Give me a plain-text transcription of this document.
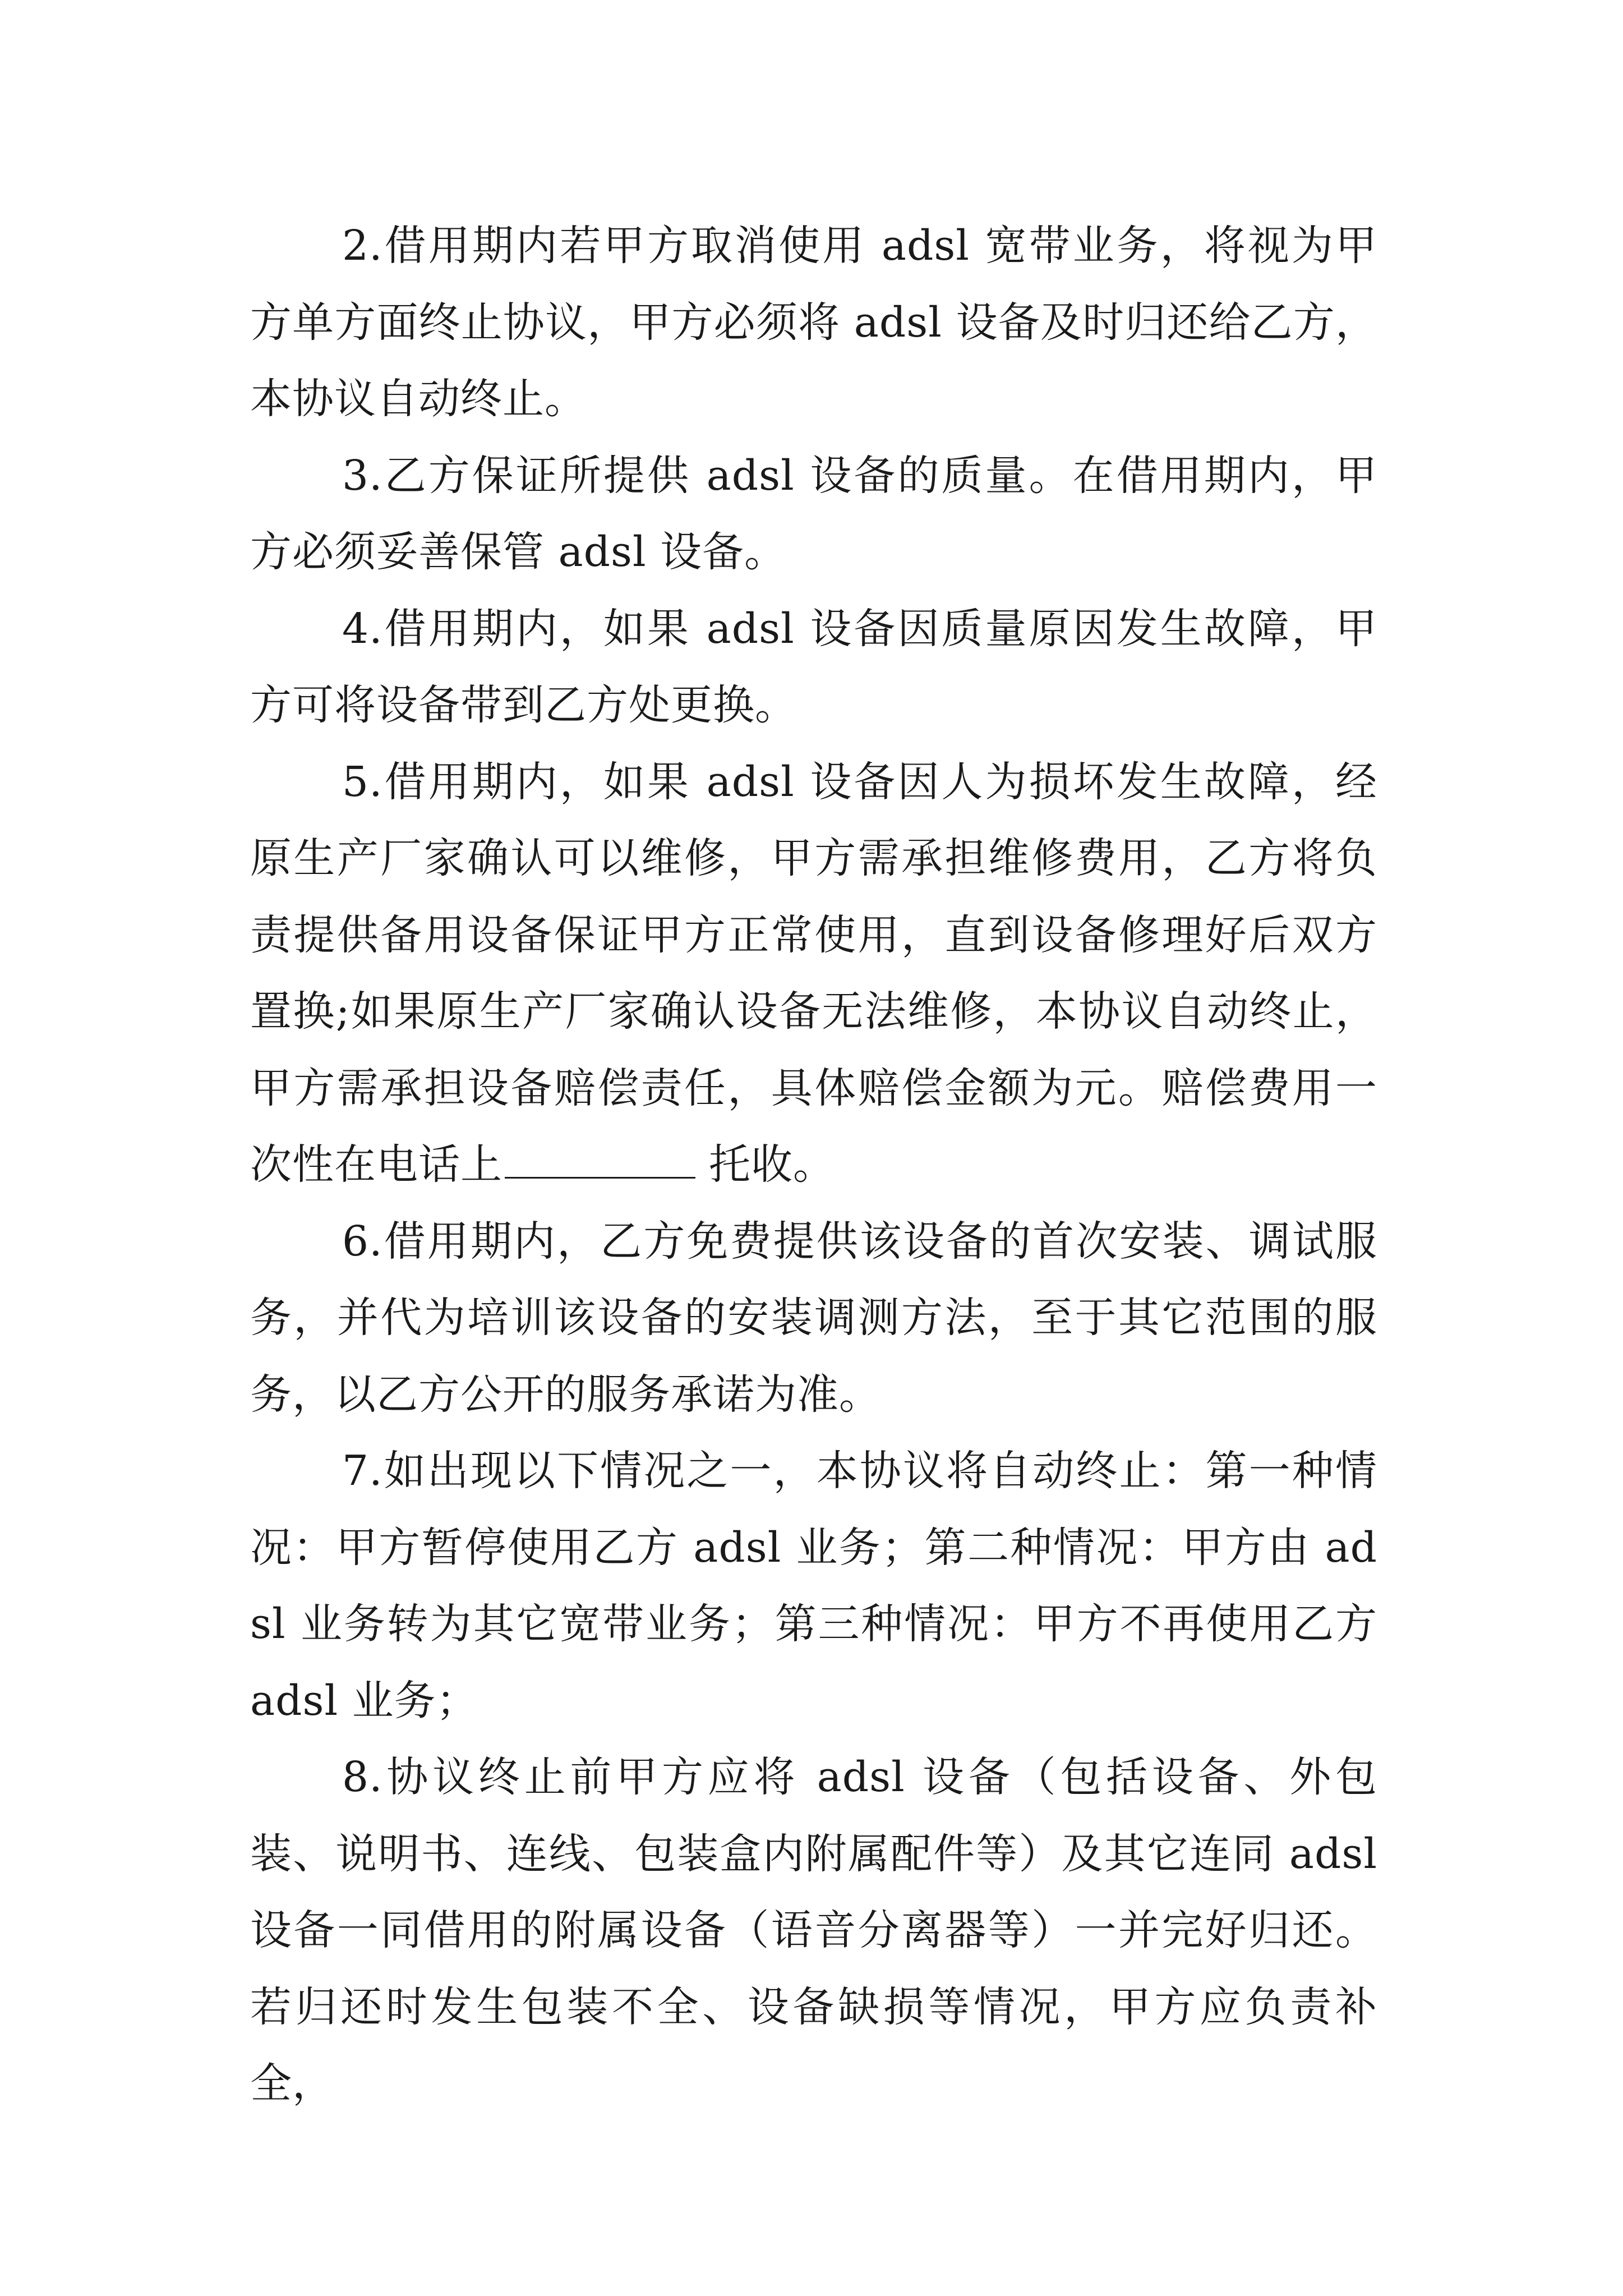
2.借用期内若甲方取消使用 adsl 宽带业务，将视为甲方单方面终止协议，甲方必须将 adsl 设备及时归还给乙方，本协议自动终止。

3.乙方保证所提供 adsl 设备的质量。在借用期内，甲方必须妥善保管 adsl 设备。

4.借用期内，如果 adsl 设备因质量原因发生故障，甲方可将设备带到乙方处更换。

5.借用期内，如果 adsl 设备因人为损坏发生故障，经原生产厂家确认可以维修，甲方需承担维修费用，乙方将负责提供备用设备保证甲方正常使用，直到设备修理好后双方置换;如果原生产厂家确认设备无法维修，本协议自动终止，甲方需承担设备赔偿责任，具体赔偿金额为元。赔偿费用一次性在电话上	托收。

6.借用期内，乙方免费提供该设备的首次安装、调试服务，并代为培训该设备的安装调测方法，至于其它范围的服务，以乙方公开的服务承诺为准。

7.如出现以下情况之一，本协议将自动终止：第一种情况：甲方暂停使用乙方 adsl 业务；第二种情况：甲方由 adsl 业务转为其它宽带业务；第三种情况：甲方不再使用乙方 adsl 业务；

8.协议终止前甲方应将 adsl 设备（包括设备、外包装、说明书、连线、包装盒内附属配件等）及其它连同 adsl 设备一同借用的附属设备（语音分离器等）一并完好归还。若归还时发生包装不全、设备缺损等情况，甲方应负责补全，
